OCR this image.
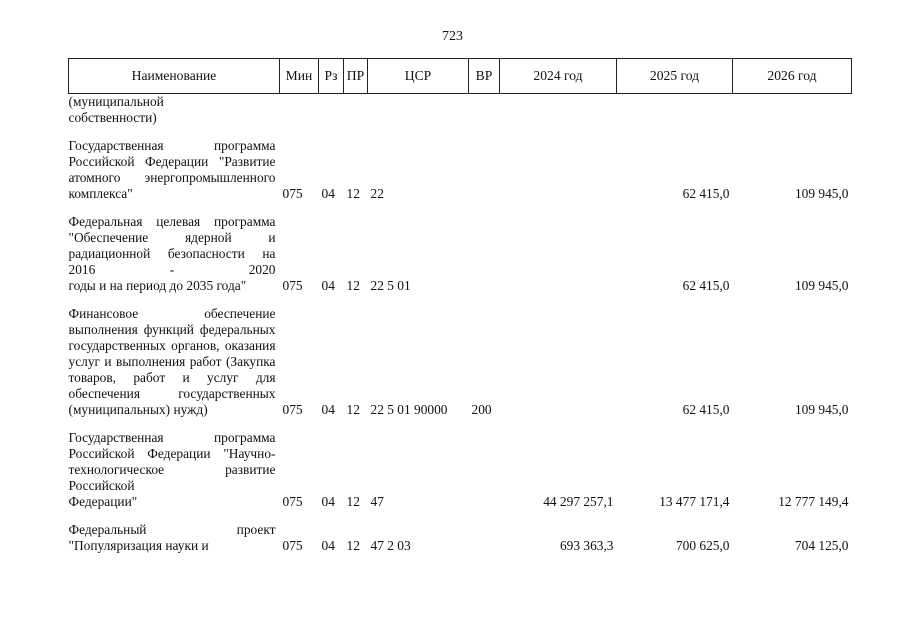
723
Наименование	Мин	Рз	ПР	ЦСР	ВР	2024 год	2025 год	2026 год
(муниципальной
собственности)								

Государственная программа Российской Федерации "Развитие атомного энергопромышленного
комплекса"	075	04	12	22			62 415,0	109 945,0

Федеральная целевая программа "Обеспечение ядерной и радиационной безопасности на 2016 - 2020
годы и на период до 2035 года"	075	04	12	22 5 01			62 415,0	109 945,0

Финансовое обеспечение выполнения функций федеральных государственных органов, оказания услуг и выполнения работ (Закупка товаров, работ и услуг для обеспечения государственных
(муниципальных) нужд)	075	04	12	22 5 01 90000	200		62 415,0	109 945,0

Государственная программа Российской Федерации "Научно-технологическое развитие Российской
Федерации"	075	04	12	47		44 297 257,1	13 477 171,4	12 777 149,4

Федеральный проект
"Популяризация науки и	075	04	12	47 2 03		693 363,3	700 625,0	704 125,0
